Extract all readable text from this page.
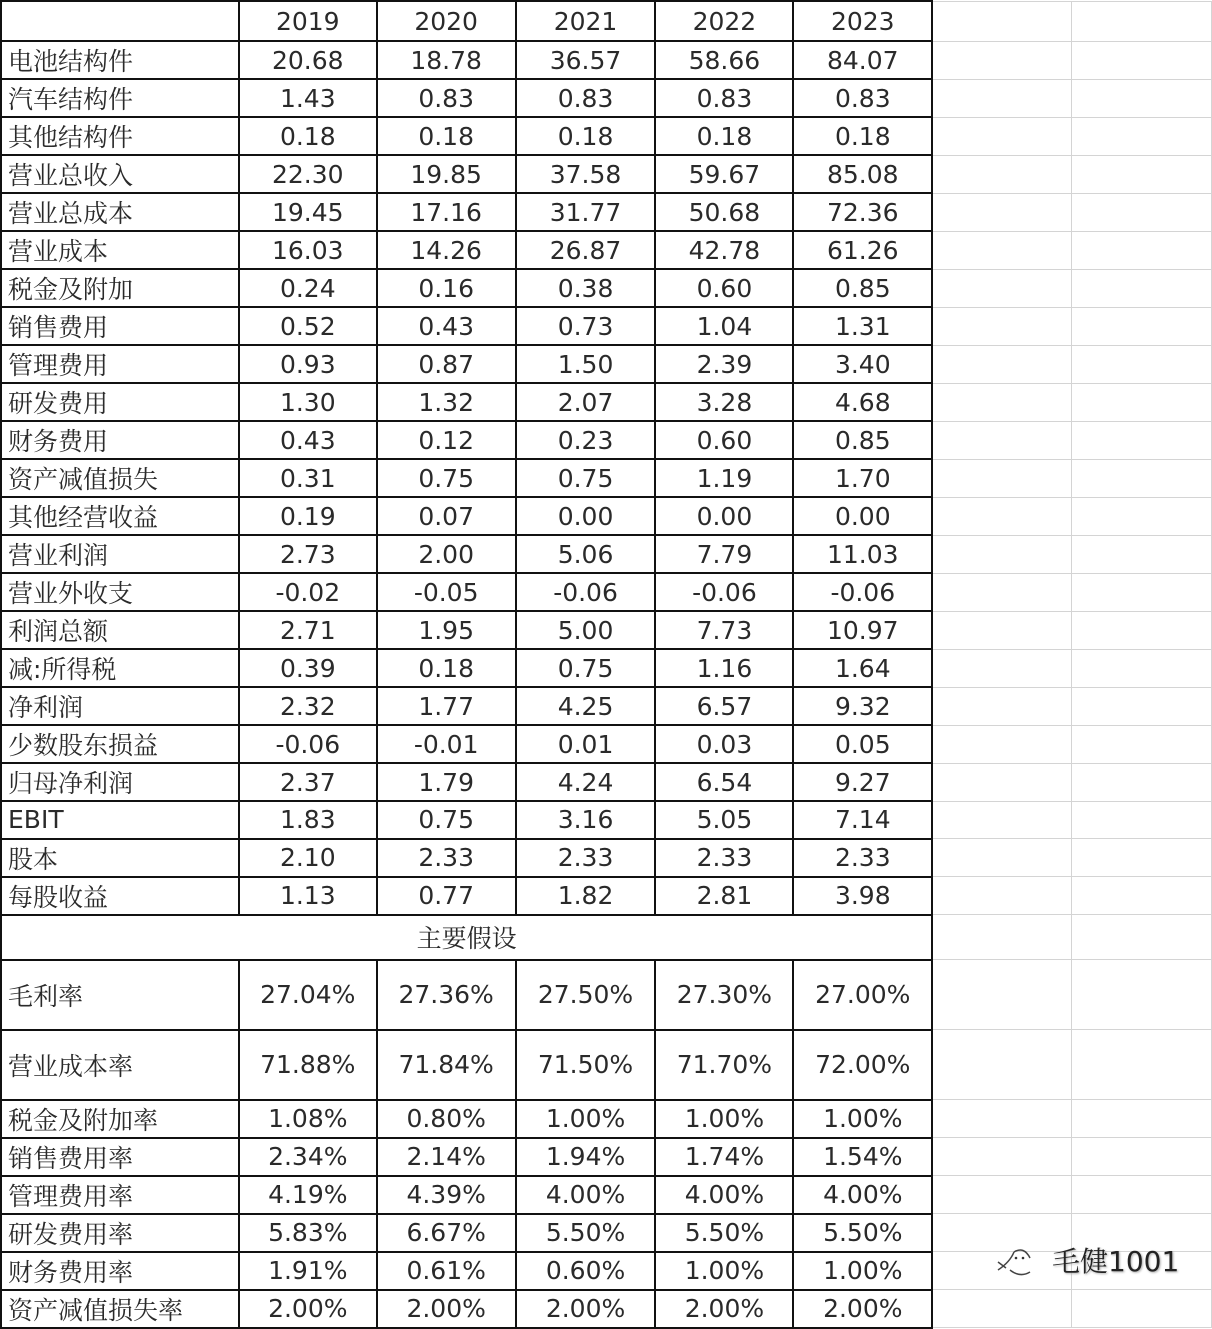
	2019	2020	2021	2022	2023		
电池结构件	20.68	18.78	36.57	58.66	84.07		
汽车结构件	1.43	0.83	0.83	0.83	0.83		
其他结构件	0.18	0.18	0.18	0.18	0.18		
营业总收入	22.30	19.85	37.58	59.67	85.08		
营业总成本	19.45	17.16	31.77	50.68	72.36		
营业成本	16.03	14.26	26.87	42.78	61.26		
税金及附加	0.24	0.16	0.38	0.60	0.85		
销售费用	0.52	0.43	0.73	1.04	1.31		
管理费用	0.93	0.87	1.50	2.39	3.40		
研发费用	1.30	1.32	2.07	3.28	4.68		
财务费用	0.43	0.12	0.23	0.60	0.85		
资产减值损失	0.31	0.75	0.75	1.19	1.70		
其他经营收益	0.19	0.07	0.00	0.00	0.00		
营业利润	2.73	2.00	5.06	7.79	11.03		
营业外收支	-0.02	-0.05	-0.06	-0.06	-0.06		
利润总额	2.71	1.95	5.00	7.73	10.97		
减:所得税	0.39	0.18	0.75	1.16	1.64		
净利润	2.32	1.77	4.25	6.57	9.32		
少数股东损益	-0.06	-0.01	0.01	0.03	0.05		
归母净利润	2.37	1.79	4.24	6.54	9.27		
EBIT	1.83	0.75	3.16	5.05	7.14		
股本	2.10	2.33	2.33	2.33	2.33		
每股收益	1.13	0.77	1.82	2.81	3.98		
主要假设							
毛利率	27.04%	27.36%	27.50%	27.30%	27.00%		
营业成本率	71.88%	71.84%	71.50%	71.70%	72.00%		
税金及附加率	1.08%	0.80%	1.00%	1.00%	1.00%		
销售费用率	2.34%	2.14%	1.94%	1.74%	1.54%		
管理费用率	4.19%	4.39%	4.00%	4.00%	4.00%		
研发费用率	5.83%	6.67%	5.50%	5.50%	5.50%		
财务费用率	1.91%	0.61%	0.60%	1.00%	1.00%		
资产减值损失率	2.00%	2.00%	2.00%	2.00%	2.00%		
毛健1001
